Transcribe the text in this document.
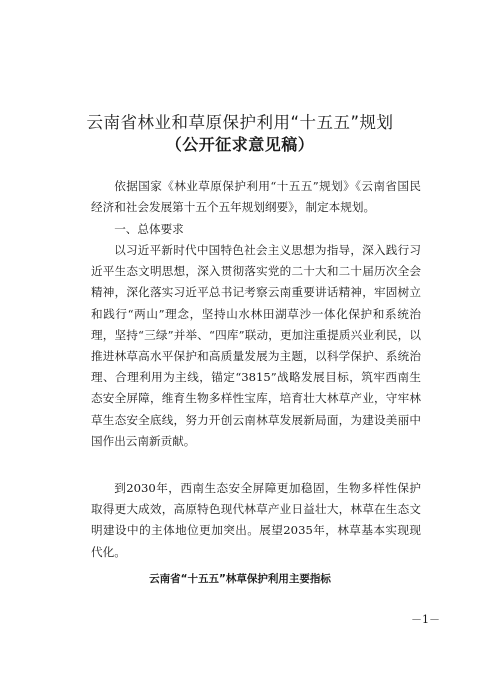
云南省林业和草原保护利用“十五五”规划
（公开征求意见稿）
依据国家《林业草原保护利用“十五五”规划》《云南省国民经济和社会发展第十五个五年规划纲要》，制定本规划。
一、总体要求
以习近平新时代中国特色社会主义思想为指导，深入践行习近平生态文明思想，深入贯彻落实党的二十大和二十届历次全会精神，深化落实习近平总书记考察云南重要讲话精神，牢固树立和践行“两山”理念，坚持山水林田湖草沙一体化保护和系统治理，坚持“三绿”并举、“四库”联动，更加注重提质兴业利民，以推进林草高水平保护和高质量发展为主题，以科学保护、系统治理、合理利用为主线，锚定“3815”战略发展目标，筑牢西南生态安全屏障，维育生物多样性宝库，培育壮大林草产业，守牢林草生态安全底线，努力开创云南林草发展新局面，为建设美丽中国作出云南新贡献。
到2030年，西南生态安全屏障更加稳固，生物多样性保护取得更大成效，高原特色现代林草产业日益壮大，林草在生态文明建设中的主体地位更加突出。展望2035年，林草基本实现现代化。
云南省“十五五”林草保护利用主要指标
－1－
